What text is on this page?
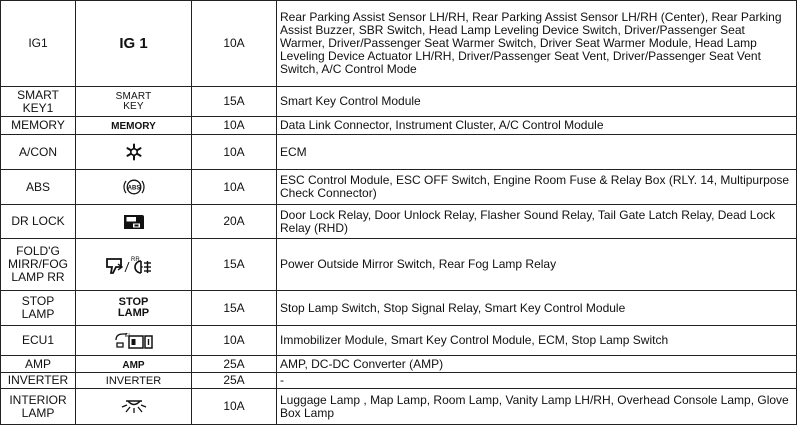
IG1	IG 1	10A	Rear Parking Assist Sensor LH/RH, Rear Parking Assist Sensor LH/RH (Center), Rear Parking Assist Buzzer, SBR Switch, Head Lamp Leveling Device Switch, Driver/Passenger Seat Warmer, Driver/Passenger Seat Warmer Switch, Driver Seat Warmer Module, Head Lamp Leveling Device Actuator LH/RH, Driver/Passenger Seat Vent, Driver/Passenger Seat Vent Switch, A/C Control Mode
SMART KEY1	SMART KEY	15A	Smart Key Control Module
MEMORY	MEMORY	10A	Data Link Connector, Instrument Cluster, A/C Control Module
A/CON		10A	ECM
ABS	ABS	10A	ESC Control Module, ESC OFF Switch, Engine Room Fuse & Relay Box (RLY. 14, Multipurpose Check Connector)
DR LOCK		20A	Door Lock Relay, Door Unlock Relay, Flasher Sound Relay, Tail Gate Latch Relay, Dead Lock Relay (RHD)
FOLD'G MIRR/FOG LAMP RR	RR	15A	Power Outside Mirror Switch, Rear Fog Lamp Relay
STOP LAMP	STOP LAMP	15A	Stop Lamp Switch, Stop Signal Relay, Smart Key Control Module
ECU1	EI	10A	Immobilizer Module, Smart Key Control Module, ECM, Stop Lamp Switch
AMP	AMP	25A	AMP, DC-DC Converter (AMP)
INVERTER	INVERTER	25A	-
INTERIOR LAMP		10A	Luggage Lamp , Map Lamp, Room Lamp, Vanity Lamp LH/RH, Overhead Console Lamp, Glove Box Lamp
